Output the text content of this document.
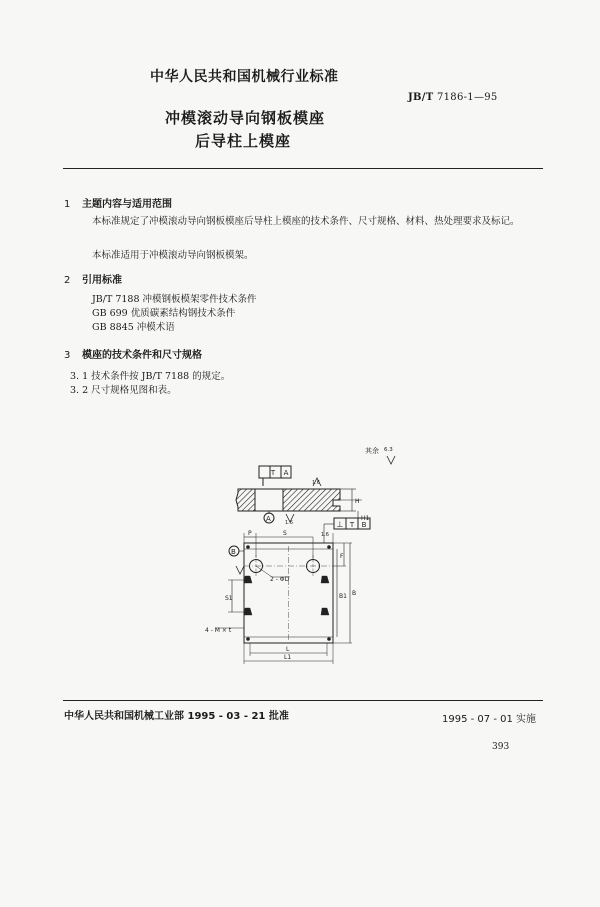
中华人民共和国机械行业标准
JB/T 7186-1—95
冲模滚动导向钢板模座
后导柱上模座
1 主题内容与适用范围
本标准规定了冲模滚动导向钢板模座后导柱上模座的技术条件、尺寸规格、材料、热处理要求及标记。
本标准适用于冲模滚动导向钢板模架。
2 引用标准
JB/T 7188 冲模钢板模架零件技术条件
GB 699 优质碳素结构钢技术条件
GB 8845 冲模术语
3 模座的技术条件和尺寸规格
3. 1 技术条件按 JB/T 7188 的规定。
3. 2 尺寸规格见图和表。
T A
其余 6.3
1.6
1.6
1.6
A
B
⊥ T B
H
H1
P	S
F
B
B1
S1
L
L1
2 - ΦD
4 - M × t
中华人民共和国机械工业部 1995 - 03 - 21 批准	1995 - 07 - 01 实施
393
